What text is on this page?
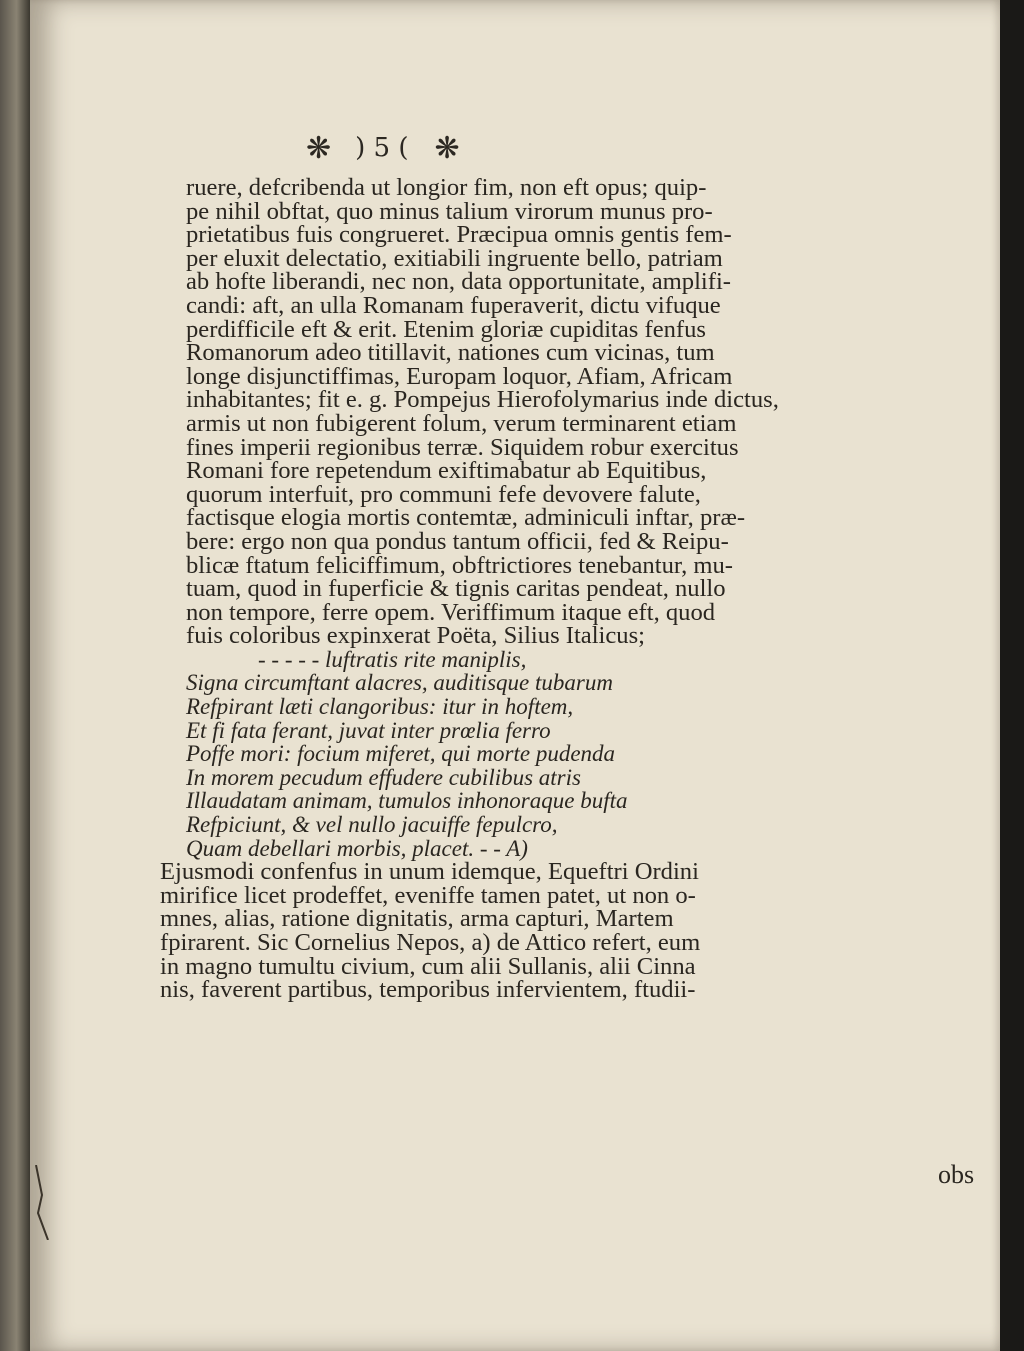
❋ ) 5 ( ❋
ruere, defcribenda ut longior fim, non eft opus; quip-
pe nihil obftat, quo minus talium virorum munus pro-
prietatibus fuis congrueret. Præcipua omnis gentis fem-
per eluxit delectatio, exitiabili ingruente bello, patriam
ab hofte liberandi, nec non, data opportunitate, amplifi-
candi: aft, an ulla Romanam fuperaverit, dictu vifuque
perdifficile eft & erit. Etenim gloriæ cupiditas fenfus
Romanorum adeo titillavit, nationes cum vicinas, tum
longe disjunctiffimas, Europam loquor, Afiam, Africam
inhabitantes; fit e. g. Pompejus Hierofolymarius inde dictus,
armis ut non fubigerent folum, verum terminarent etiam
fines imperii regionibus terræ. Siquidem robur exercitus
Romani fore repetendum exiftimabatur ab Equitibus,
quorum interfuit, pro communi fefe devovere falute,
factisque elogia mortis contemtæ, adminiculi inftar, præ-
bere: ergo non qua pondus tantum officii, fed & Reipu-
blicæ ftatum feliciffimum, obftrictiores tenebantur, mu-
tuam, quod in fuperficie & tignis caritas pendeat, nullo
non tempore, ferre opem. Veriffimum itaque eft, quod
fuis coloribus expinxerat Poëta, Silius Italicus;
- - - - - luftratis rite maniplis,
Signa circumftant alacres, auditisque tubarum
Refpirant læti clangoribus: itur in hoftem,
Et fi fata ferant, juvat inter prœlia ferro
Poffe mori: focium miferet, qui morte pudenda
In morem pecudum effudere cubilibus atris
Illaudatam animam, tumulos inhonoraque bufta
Refpiciunt, & vel nullo jacuiffe fepulcro,
Quam debellari morbis, placet. - - A)
Ejusmodi confenfus in unum idemque, Equeftri Ordini
mirifice licet prodeffet, eveniffe tamen patet, ut non o-
mnes, alias, ratione dignitatis, arma capturi, Martem
fpirarent. Sic Cornelius Nepos, a) de Attico refert, eum
in magno tumultu civium, cum alii Sullanis, alii Cinna
nis, faverent partibus, temporibus infervientem, ftudii-
obs
